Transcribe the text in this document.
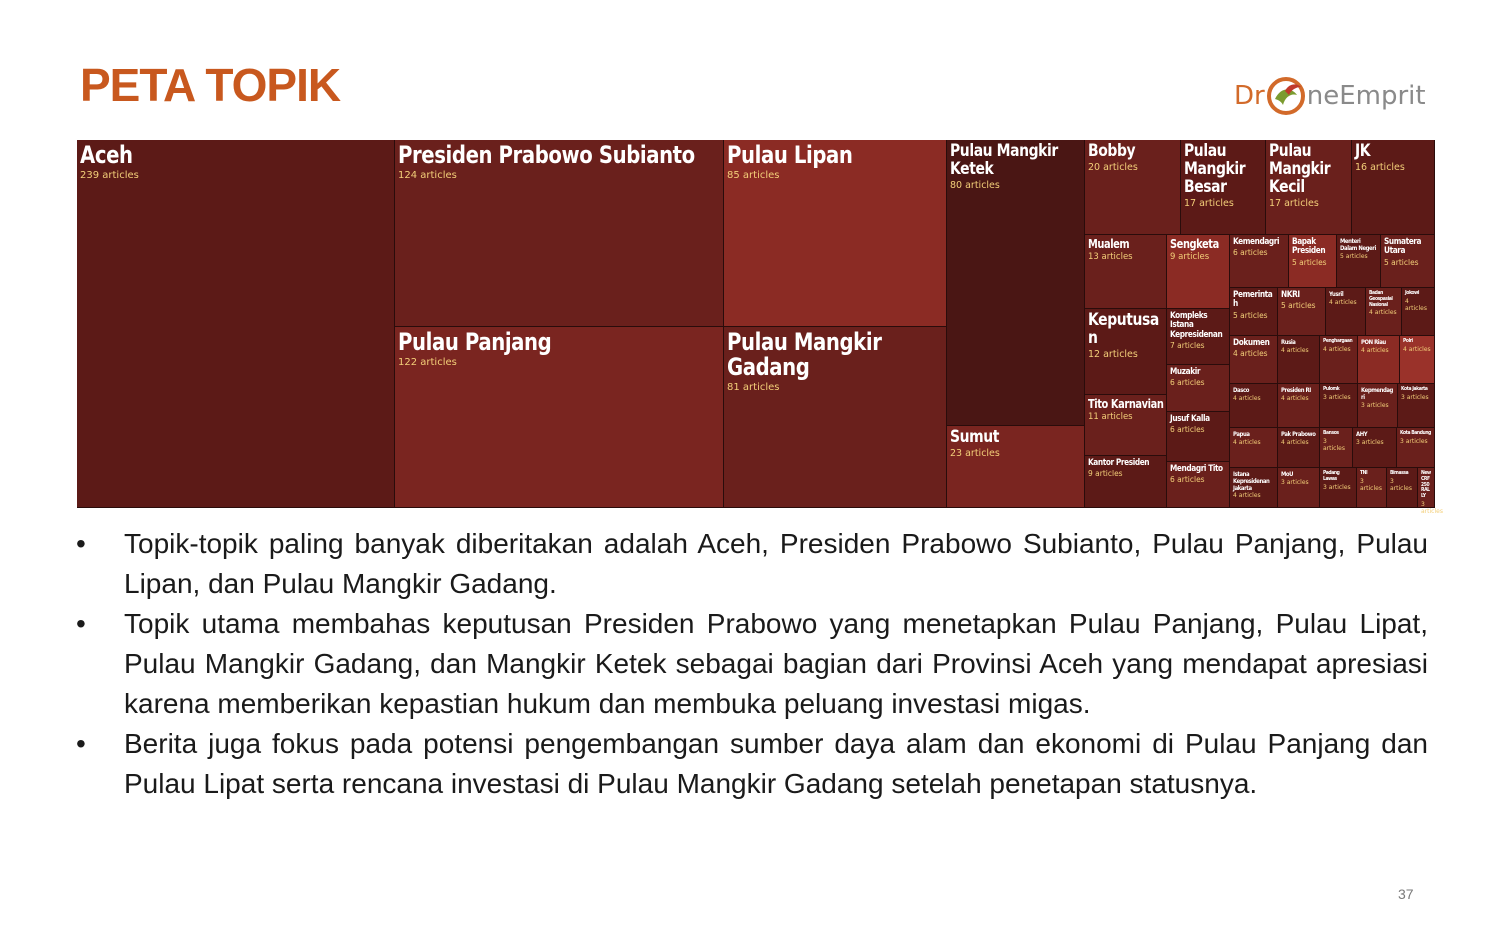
PETA TOPIK	Dr neEmprit
Aceh
239 articles
Presiden Prabowo Subianto
124 articles
Pulau Panjang
122 articles
Pulau Lipan
85 articles
Pulau Mangkir Gadang
81 articles
Pulau Mangkir Ketek
80 articles
Sumut
23 articles
Bobby
20 articles
Pulau Mangkir Besar
17 articles
Pulau Mangkir Kecil
17 articles
JK
16 articles
Mualem
13 articles
Keputusan
12 articles
Tito Karnavian
11 articles
Kantor Presiden
9 articles
Sengketa
9 articles
Kompleks Istana Kepresidenan
7 articles
Muzakir
6 articles
Jusuf Kalla
6 articles
Mendagri Tito
6 articles
Kemendagri
6 articles
Bapak Presiden
5 articles
Menteri Dalam Negeri
5 articles
Sumatera Utara
5 articles
Pemerintah
5 articles
NKRI
5 articles
Yusril
4 articles
Badan Geospasial Nasional
4 articles
Jokowi
4 articles
Dokumen
4 articles
Rusia
4 articles
Penghargaan
4 articles
PON Riau
4 articles
Polri
4 articles
Dasco
4 articles
Presiden RI
4 articles
Pulomk
3 articles
Kepmendagri
3 articles
Kota Jakarta
3 articles
Papua
4 articles
Pak Prabowo
4 articles
Bansos
3 articles
AHY
3 articles
Kota Bandung
3 articles
Istana Kepresidenan Jakarta
4 articles
MoU
3 articles
Padang Lawas
3 articles
TNI
3 articles
Bimassa
3 articles
New CRF250 RALLY
3 articles
• Topik-topik paling banyak diberitakan adalah Aceh, Presiden Prabowo Subianto, Pulau Panjang, Pulau Lipan, dan Pulau Mangkir Gadang.
• Topik utama membahas keputusan Presiden Prabowo yang menetapkan Pulau Panjang, Pulau Lipat, Pulau Mangkir Gadang, dan Mangkir Ketek sebagai bagian dari Provinsi Aceh yang mendapat apresiasi karena memberikan kepastian hukum dan membuka peluang investasi migas.
• Berita juga fokus pada potensi pengembangan sumber daya alam dan ekonomi di Pulau Panjang dan Pulau Lipat serta rencana investasi di Pulau Mangkir Gadang setelah penetapan statusnya.
37
